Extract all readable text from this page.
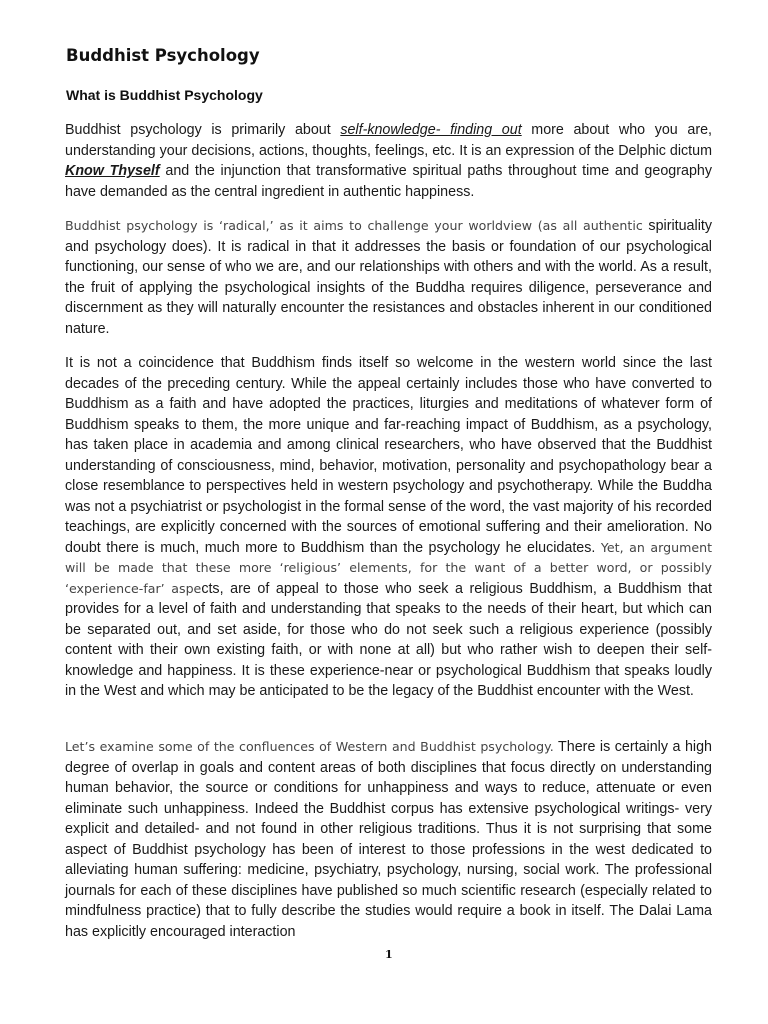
Buddhist Psychology
What is Buddhist Psychology

Buddhist psychology is primarily about self-knowledge- finding out more about who you are, understanding your decisions, actions, thoughts, feelings, etc. It is an expression of the Delphic dictum Know Thyself and the injunction that transformative spiritual paths throughout time and geography have demanded as the central ingredient in authentic happiness.

Buddhist psychology is ‘radical,’ as it aims to challenge your worldview (as all authentic spirituality and psychology does). It is radical in that it addresses the basis or foundation of our psychological functioning, our sense of who we are, and our relationships with others and with the world. As a result, the fruit of applying the psychological insights of the Buddha requires diligence, perseverance and discernment as they will naturally encounter the resistances and obstacles inherent in our conditioned nature.

It is not a coincidence that Buddhism finds itself so welcome in the western world since the last decades of the preceding century. While the appeal certainly includes those who have converted to Buddhism as a faith and have adopted the practices, liturgies and meditations of whatever form of Buddhism speaks to them, the more unique and far-reaching impact of Buddhism, as a psychology, has taken place in academia and among clinical researchers, who have observed that the Buddhist understanding of consciousness, mind, behavior, motivation, personality and psychopathology bear a close resemblance to perspectives held in western psychology and psychotherapy. While the Buddha was not a psychiatrist or psychologist in the formal sense of the word, the vast majority of his recorded teachings, are explicitly concerned with the sources of emotional suffering and their amelioration. No doubt there is much, much more to Buddhism than the psychology he elucidates. Yet, an argument will be made that these more ‘religious’ elements, for the want of a better word, or possibly ‘experience-far’ aspects, are of appeal to those who seek a religious Buddhism, a Buddhism that provides for a level of faith and understanding that speaks to the needs of their heart, but which can be separated out, and set aside, for those who do not seek such a religious experience (possibly content with their own existing faith, or with none at all) but who rather wish to deepen their self-knowledge and happiness. It is these experience-near or psychological Buddhism that speaks loudly in the West and which may be anticipated to be the legacy of the Buddhist encounter with the West.

Let’s examine some of the confluences of Western and Buddhist psychology. There is certainly a high degree of overlap in goals and content areas of both disciplines that focus directly on understanding human behavior, the source or conditions for unhappiness and ways to reduce, attenuate or even eliminate such unhappiness. Indeed the Buddhist corpus has extensive psychological writings- very explicit and detailed- and not found in other religious traditions. Thus it is not surprising that some aspect of Buddhist psychology has been of interest to those professions in the west dedicated to alleviating human suffering: medicine, psychiatry, psychology, nursing, social work. The professional journals for each of these disciplines have published so much scientific research (especially related to mindfulness practice) that to fully describe the studies would require a book in itself. The Dalai Lama has explicitly encouraged interaction

1
